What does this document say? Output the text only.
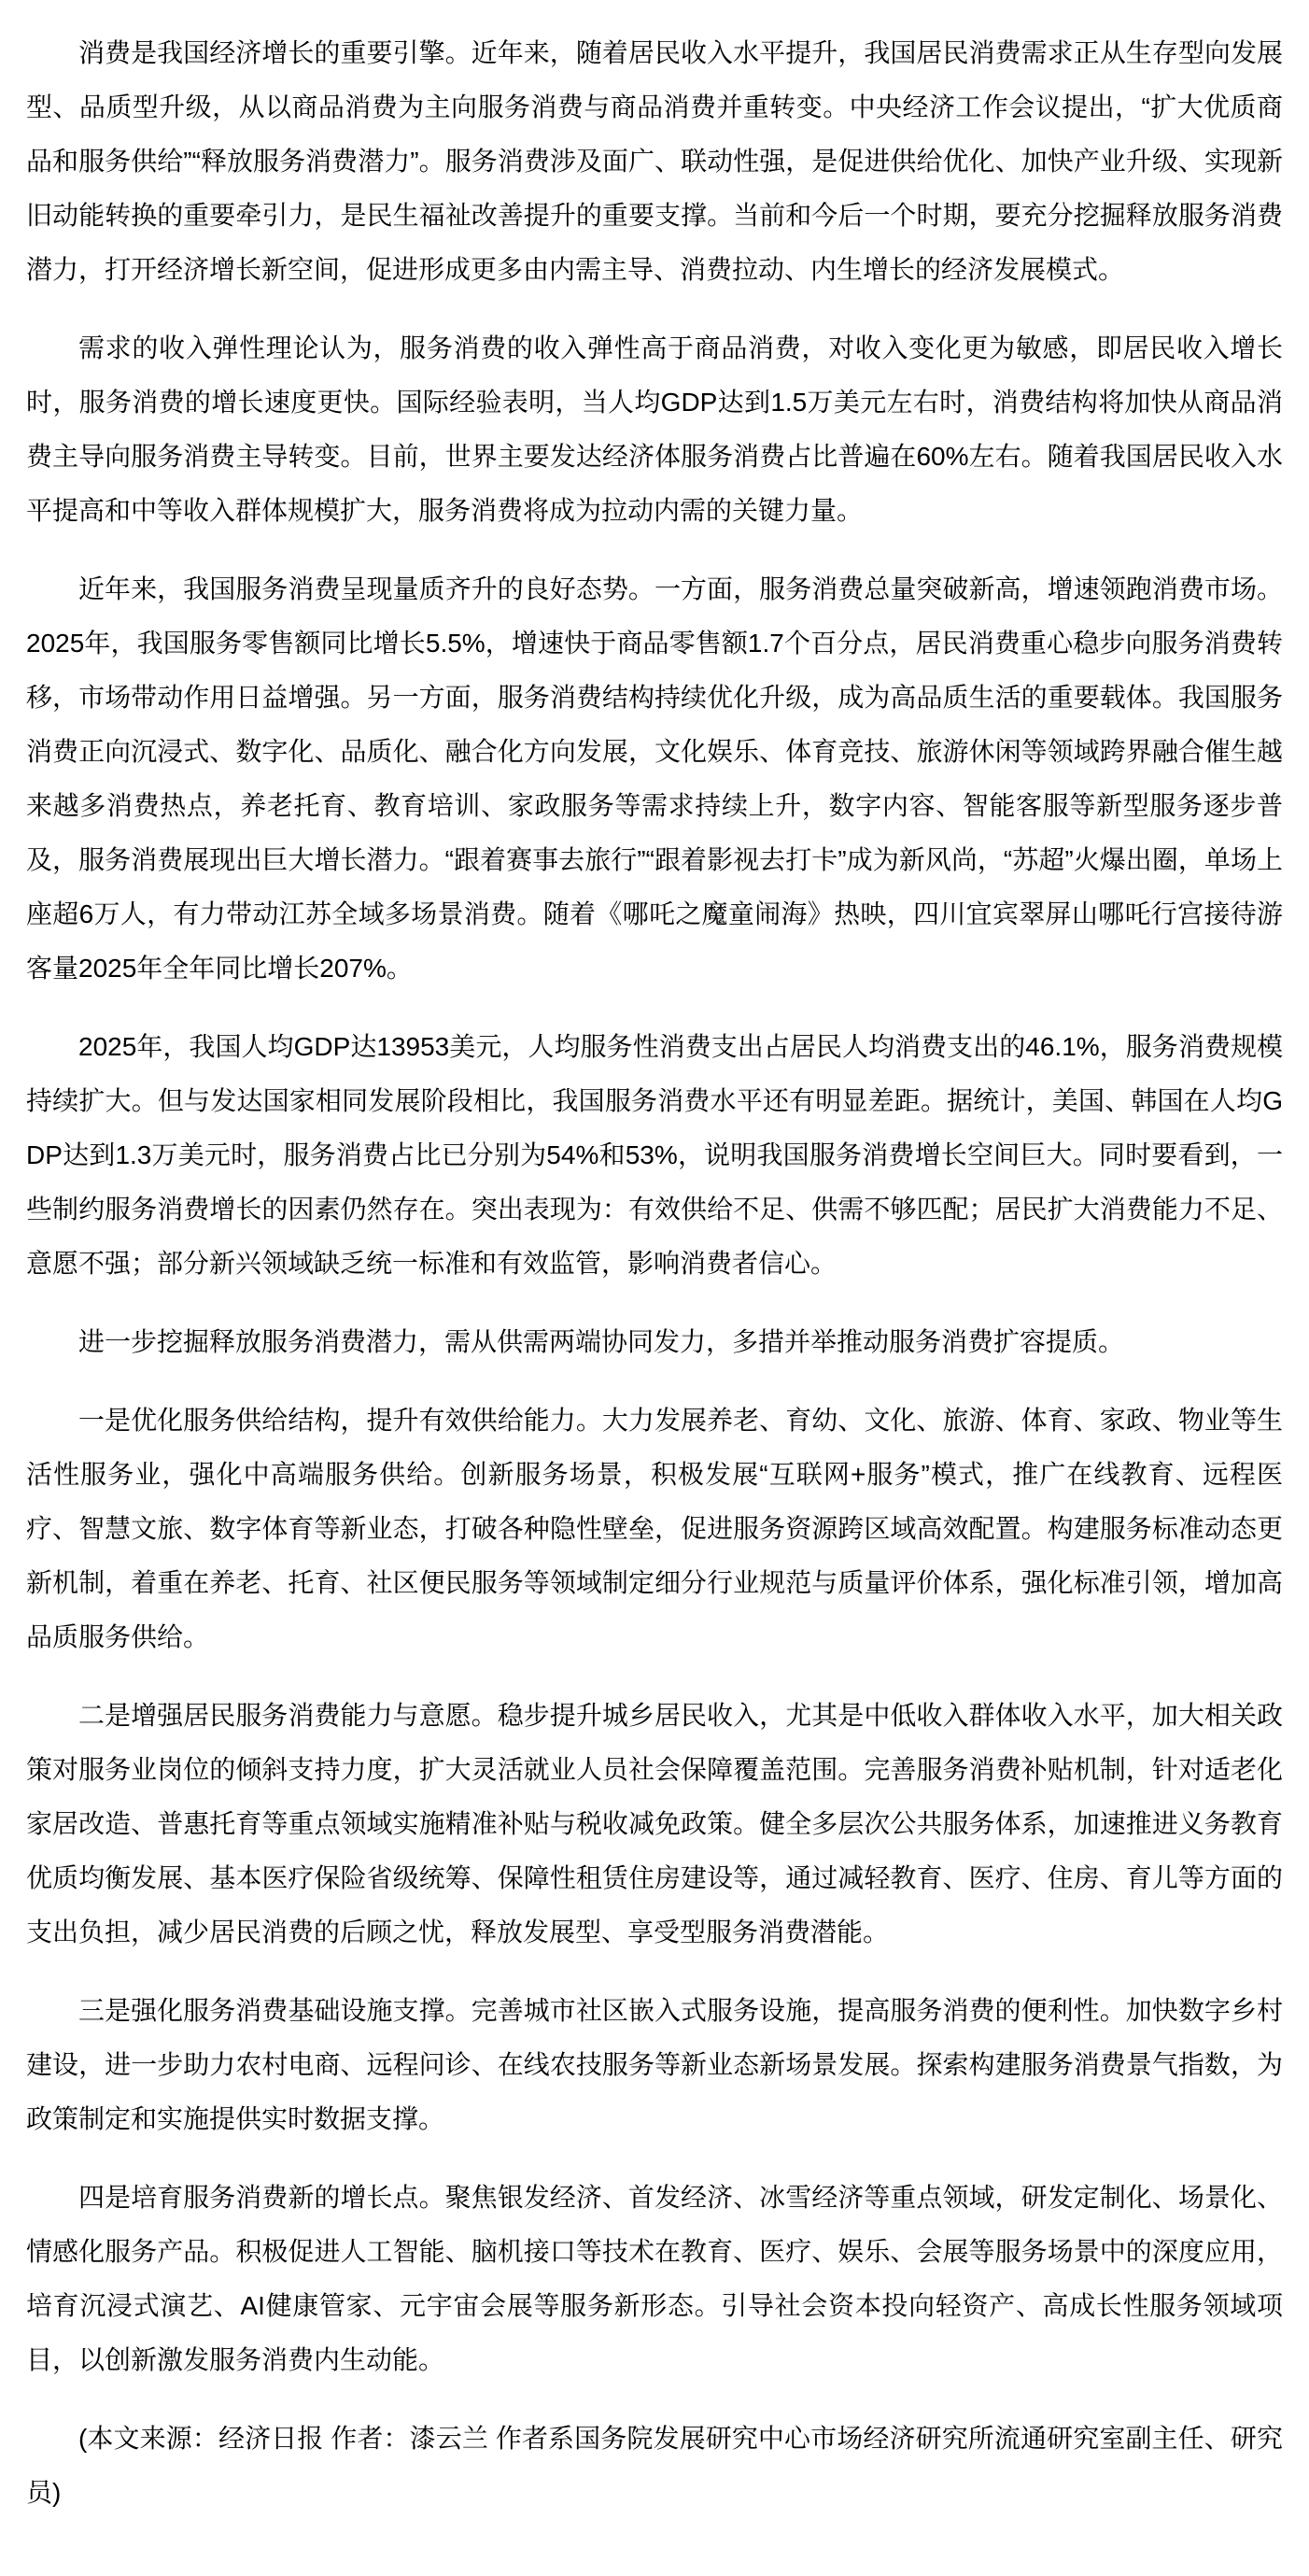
消费是我国经济增长的重要引擎。近年来，随着居民收入水平提升，我国居民消费需求正从生存型向发展型、品质型升级，从以商品消费为主向服务消费与商品消费并重转变。中央经济工作会议提出，“扩大优质商品和服务供给”“释放服务消费潜力”。服务消费涉及面广、联动性强，是促进供给优化、加快产业升级、实现新旧动能转换的重要牵引力，是民生福祉改善提升的重要支撑。当前和今后一个时期，要充分挖掘释放服务消费潜力，打开经济增长新空间，促进形成更多由内需主导、消费拉动、内生增长的经济发展模式。

需求的收入弹性理论认为，服务消费的收入弹性高于商品消费，对收入变化更为敏感，即居民收入增长时，服务消费的增长速度更快。国际经验表明，当人均GDP达到1.5万美元左右时，消费结构将加快从商品消费主导向服务消费主导转变。目前，世界主要发达经济体服务消费占比普遍在60%左右。随着我国居民收入水平提高和中等收入群体规模扩大，服务消费将成为拉动内需的关键力量。

近年来，我国服务消费呈现量质齐升的良好态势。一方面，服务消费总量突破新高，增速领跑消费市场。2025年，我国服务零售额同比增长5.5%，增速快于商品零售额1.7个百分点，居民消费重心稳步向服务消费转移，市场带动作用日益增强。另一方面，服务消费结构持续优化升级，成为高品质生活的重要载体。我国服务消费正向沉浸式、数字化、品质化、融合化方向发展，文化娱乐、体育竞技、旅游休闲等领域跨界融合催生越来越多消费热点，养老托育、教育培训、家政服务等需求持续上升，数字内容、智能客服等新型服务逐步普及，服务消费展现出巨大增长潜力。“跟着赛事去旅行”“跟着影视去打卡”成为新风尚，“苏超”火爆出圈，单场上座超6万人，有力带动江苏全域多场景消费。随着《哪吒之魔童闹海》热映，四川宜宾翠屏山哪吒行宫接待游客量2025年全年同比增长207%。

2025年，我国人均GDP达13953美元，人均服务性消费支出占居民人均消费支出的46.1%，服务消费规模持续扩大。但与发达国家相同发展阶段相比，我国服务消费水平还有明显差距。据统计，美国、韩国在人均GDP达到1.3万美元时，服务消费占比已分别为54%和53%，说明我国服务消费增长空间巨大。同时要看到，一些制约服务消费增长的因素仍然存在。突出表现为：有效供给不足、供需不够匹配；居民扩大消费能力不足、意愿不强；部分新兴领域缺乏统一标准和有效监管，影响消费者信心。

进一步挖掘释放服务消费潜力，需从供需两端协同发力，多措并举推动服务消费扩容提质。

一是优化服务供给结构，提升有效供给能力。大力发展养老、育幼、文化、旅游、体育、家政、物业等生活性服务业，强化中高端服务供给。创新服务场景，积极发展“互联网+服务”模式，推广在线教育、远程医疗、智慧文旅、数字体育等新业态，打破各种隐性壁垒，促进服务资源跨区域高效配置。构建服务标准动态更新机制，着重在养老、托育、社区便民服务等领域制定细分行业规范与质量评价体系，强化标准引领，增加高品质服务供给。

二是增强居民服务消费能力与意愿。稳步提升城乡居民收入，尤其是中低收入群体收入水平，加大相关政策对服务业岗位的倾斜支持力度，扩大灵活就业人员社会保障覆盖范围。完善服务消费补贴机制，针对适老化家居改造、普惠托育等重点领域实施精准补贴与税收减免政策。健全多层次公共服务体系，加速推进义务教育优质均衡发展、基本医疗保险省级统筹、保障性租赁住房建设等，通过减轻教育、医疗、住房、育儿等方面的支出负担，减少居民消费的后顾之忧，释放发展型、享受型服务消费潜能。

三是强化服务消费基础设施支撑。完善城市社区嵌入式服务设施，提高服务消费的便利性。加快数字乡村建设，进一步助力农村电商、远程问诊、在线农技服务等新业态新场景发展。探索构建服务消费景气指数，为政策制定和实施提供实时数据支撑。

四是培育服务消费新的增长点。聚焦银发经济、首发经济、冰雪经济等重点领域，研发定制化、场景化、情感化服务产品。积极促进人工智能、脑机接口等技术在教育、医疗、娱乐、会展等服务场景中的深度应用，培育沉浸式演艺、AI健康管家、元宇宙会展等服务新形态。引导社会资本投向轻资产、高成长性服务领域项目，以创新激发服务消费内生动能。

(本文来源：经济日报 作者：漆云兰 作者系国务院发展研究中心市场经济研究所流通研究室副主任、研究员)
